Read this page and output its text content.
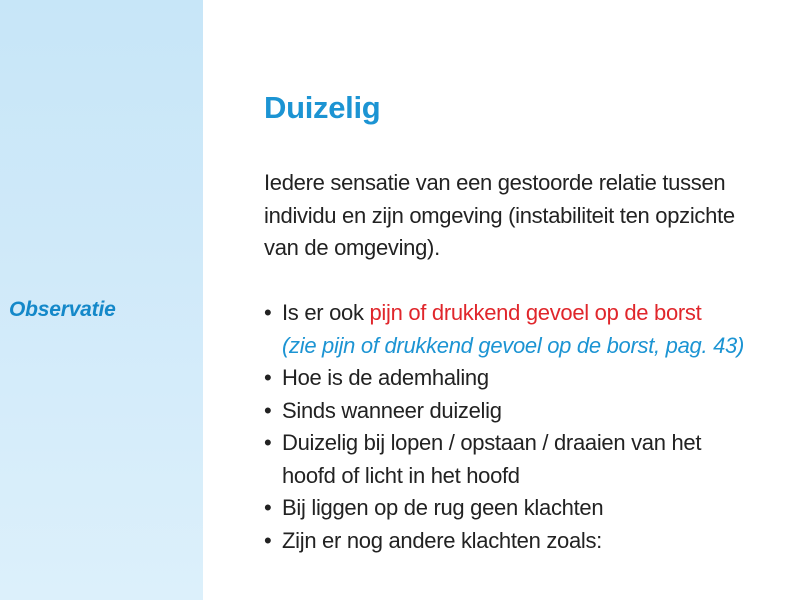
Observatie
Duizelig
Iedere sensatie van een gestoorde relatie tussen
individu en zijn omgeving (instabiliteit ten opzichte
van de omgeving).
• Is er ook pijn of drukkend gevoel op de borst
(zie pijn of drukkend gevoel op de borst, pag. 43)
• Hoe is de ademhaling
• Sinds wanneer duizelig
• Duizelig bij lopen / opstaan / draaien van het
hoofd of licht in het hoofd
• Bij liggen op de rug geen klachten
• Zijn er nog andere klachten zoals:
